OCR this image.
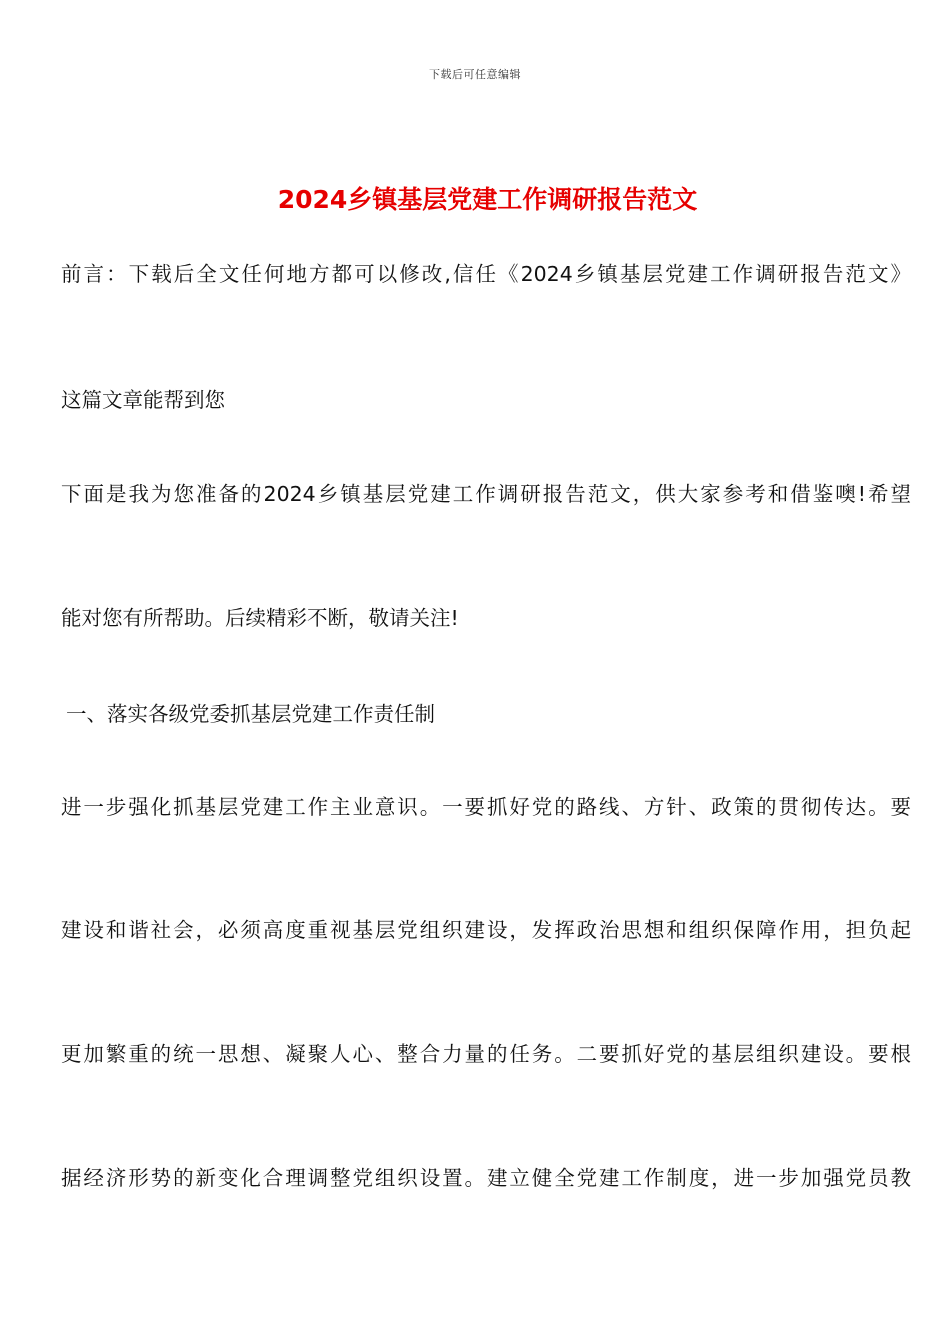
下载后可任意编辑
2024乡镇基层党建工作调研报告范文
前言：下载后全文任何地方都可以修改,信任《2024乡镇基层党建工作调研报告范文》
这篇文章能帮到您
下面是我为您准备的2024乡镇基层党建工作调研报告范文，供大家参考和借鉴噢!希望
能对您有所帮助。后续精彩不断，敬请关注!
一、落实各级党委抓基层党建工作责任制
进一步强化抓基层党建工作主业意识。一要抓好党的路线、方针、政策的贯彻传达。要
建设和谐社会，必须高度重视基层党组织建设，发挥政治思想和组织保障作用，担负起
更加繁重的统一思想、凝聚人心、整合力量的任务。二要抓好党的基层组织建设。要根
据经济形势的新变化合理调整党组织设置。建立健全党建工作制度，进一步加强党员教
